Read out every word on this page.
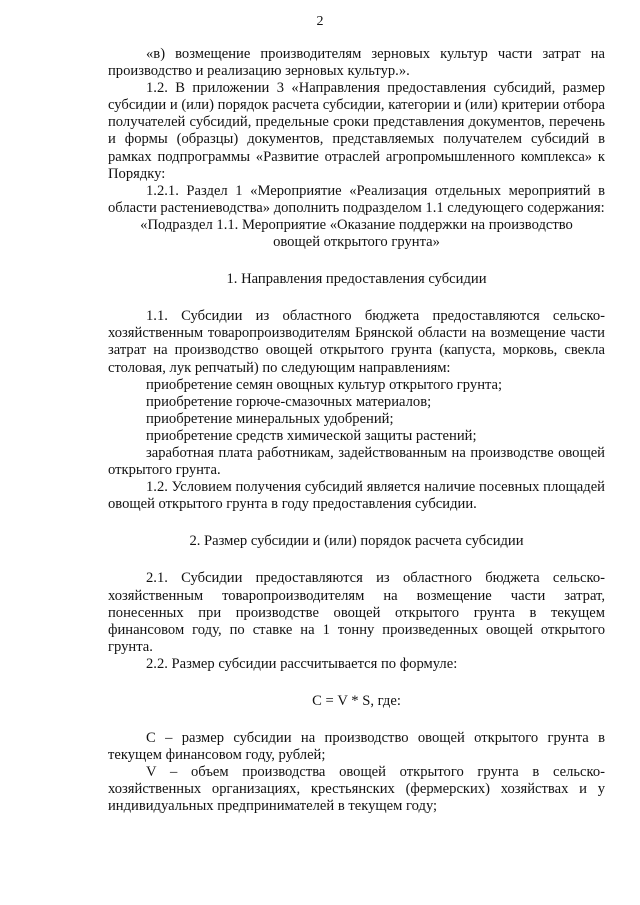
2

«в) возмещение производителям зерновых культур части затрат на производство и реализацию зерновых культур.».

1.2. В приложении 3 «Направления предоставления субсидий, размер субсидии и (или) порядок расчета субсидии, категории и (или) критерии отбора получателей субсидий, предельные сроки представления документов, перечень и формы (образцы) документов, представляемых получателем субсидий в рамках подпрограммы «Развитие отраслей агропромышленного комплекса» к Порядку:

1.2.1. Раздел 1 «Мероприятие «Реализация отдельных мероприятий в области растениеводства» дополнить подразделом 1.1 следующего содержания:

«Подраздел 1.1. Мероприятие «Оказание поддержки на производство
овощей открытого грунта»

1. Направления предоставления субсидии

1.1. Субсидии из областного бюджета предоставляются сельско-хозяйственным товаропроизводителям Брянской области на возмещение части затрат на производство овощей открытого грунта (капуста, морковь, свекла столовая, лук репчатый) по следующим направлениям:

приобретение семян овощных культур открытого грунта;

приобретение горюче-смазочных материалов;

приобретение минеральных удобрений;

приобретение средств химической защиты растений;

заработная плата работникам, задействованным на производстве овощей открытого грунта.

1.2. Условием получения субсидий является наличие посевных площадей овощей открытого грунта в году предоставления субсидии.

2. Размер субсидии и (или) порядок расчета субсидии

2.1. Субсидии предоставляются из областного бюджета сельско-хозяйственным товаропроизводителям на возмещение части затрат, понесенных при производстве овощей открытого грунта в текущем финансовом году, по ставке на 1 тонну произведенных овощей открытого грунта.

2.2. Размер субсидии рассчитывается по формуле:

С = V * S, где:

С – размер субсидии на производство овощей открытого грунта в текущем финансовом году, рублей;

V – объем производства овощей открытого грунта в сельско-хозяйственных организациях, крестьянских (фермерских) хозяйствах и у индивидуальных предпринимателей в текущем году;
